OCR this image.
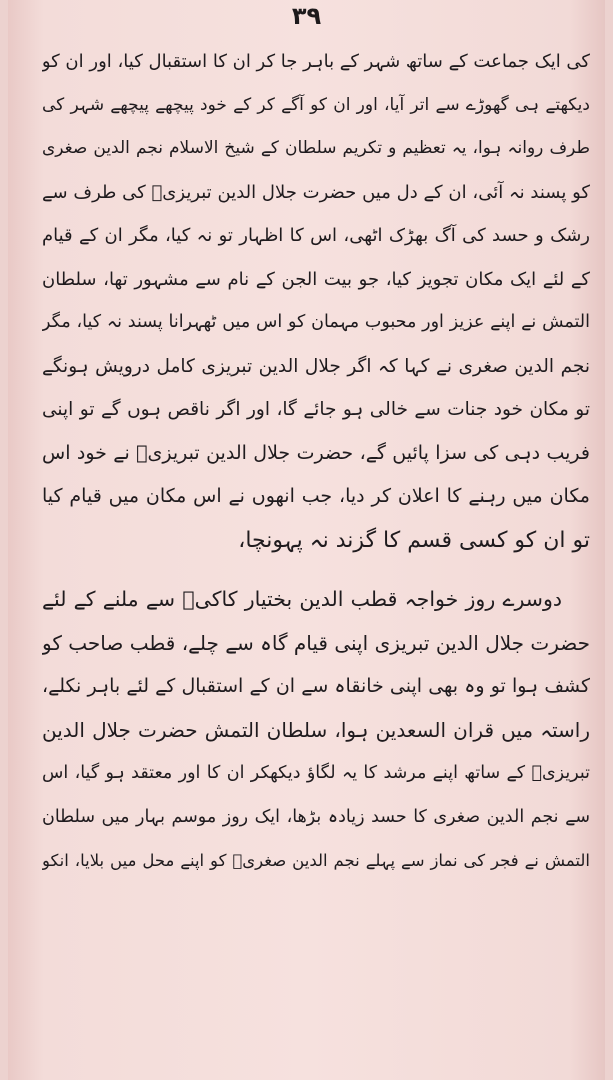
۳۹
کی ایک جماعت کے ساتھ شہر کے باہر جا کر ان کا استقبال کیا، اور ان کو
دیکھتے ہی گھوڑے سے اتر آیا، اور ان کو آگے کر کے خود پیچھے پیچھے شہر کی
طرف روانہ ہوا، یہ تعظیم و تکریم سلطان کے شیخ الاسلام نجم الدین صغری
کو پسند نہ آئی، ان کے دل میں حضرت جلال الدین تبریزیؒ کی طرف سے
رشک و حسد کی آگ بھڑک اٹھی، اس کا اظہار تو نہ کیا، مگر ان کے قیام
کے لئے ایک مکان تجویز کیا، جو بیت الجن کے نام سے مشہور تھا، سلطان
التمش نے اپنے عزیز اور محبوب مہمان کو اس میں ٹھہرانا پسند نہ کیا، مگر
نجم الدین صغری نے کہا کہ اگر جلال الدین تبریزی کامل درویش ہونگے
تو مکان خود جنات سے خالی ہو جائے گا، اور اگر ناقص ہوں گے تو اپنی
فریب دہی کی سزا پائیں گے، حضرت جلال الدین تبریزیؒ نے خود اس
مکان میں رہنے کا اعلان کر دیا، جب انھوں نے اس مکان میں قیام کیا
تو ان کو کسی قسم کا گزند نہ پہونچا،
دوسرے روز خواجہ قطب الدین بختیار کاکیؒ سے ملنے کے لئے
حضرت جلال الدین تبریزی اپنی قیام گاہ سے چلے، قطب صاحب کو
کشف ہوا تو وہ بھی اپنی خانقاہ سے ان کے استقبال کے لئے باہر نکلے،
راستہ میں قران السعدین ہوا، سلطان التمش حضرت جلال الدین
تبریزیؒ کے ساتھ اپنے مرشد کا یہ لگاؤ دیکھکر ان کا اور معتقد ہو گیا، اس
سے نجم الدین صغری کا حسد زیادہ بڑھا، ایک روز موسم بہار میں سلطان
التمش نے فجر کی نماز سے پہلے نجم الدین صغریؒ کو اپنے محل میں بلایا، انکو
